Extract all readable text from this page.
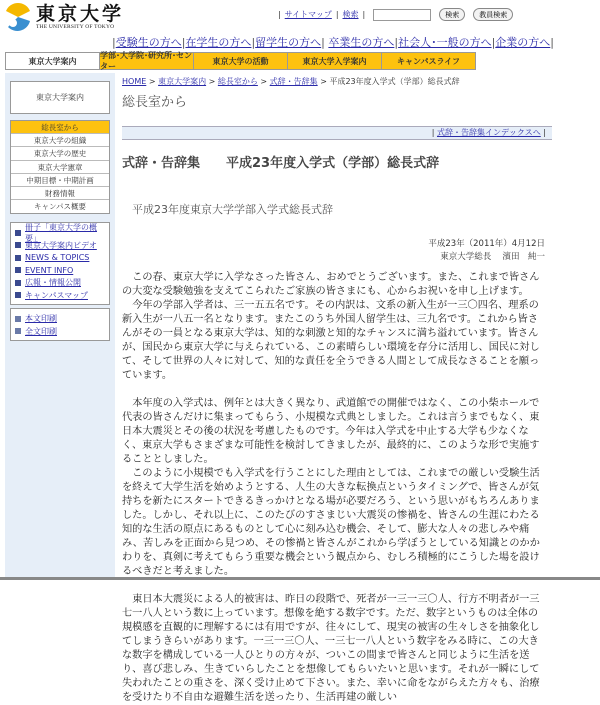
東京大学
THE UNIVERSITY OF TOKYO
| サイトマップ | 検索 |	検索	教員検索
|受験生の方へ|在学生の方へ|留学生の方へ| 卒業生の方へ|社会人･一般の方へ|企業の方へ|
東京大学案内
学部･大学院･研究所･センター
東京大学の活動	東京大学入学案内	キャンパスライフ
東京大学案内
総長室から
東京大学の組織
東京大学の歴史
東京大学憲章
中期目標・中期計画
財務情報
キャンパス概要
冊子「東京大学の概要」
東京大学案内ビデオ
NEWS & TOPICS
EVENT INFO
広報・情報公開
キャンパスマップ
本文印刷
全文印刷
HOME > 東京大学案内 > 総長室から > 式辞・告辞集 > 平成23年度入学式（学部）総長式辞
総長室から
| 式辞・告辞集インデックスへ |
式辞・告辞集　　平成23年度入学式（学部）総長式辞
平成23年度東京大学学部入学式総長式辞
平成23年（2011年）4月12日
東京大学総長　 濱田　純一

この春、東京大学に入学なさった皆さん、おめでとうございます。また、これまで皆さんの大変な受験勉強を支えてこられたご家族の皆さまにも、心からお祝いを申し上げます。

今年の学部入学者は、三一五五名です。その内訳は、文系の新入生が一三〇四名、理系の新入生が一八五一名となります。またこのうち外国人留学生は、三九名です。これから皆さんがその一員となる東京大学は、知的な刺激と知的なチャンスに満ち溢れています。皆さんが、国民から東京大学に与えられている、この素晴らしい環境を存分に活用し、国民に対して、そして世界の人々に対して、知的な責任を全うできる人間として成長なさることを願っています。

本年度の入学式は、例年とは大きく異なり、武道館での開催ではなく、この小柴ホールで代表の皆さんだけに集まってもらう、小規模な式典としました。これは言うまでもなく、東日本大震災とその後の状況を考慮したものです。今年は入学式を中止する大学も少なくなく、東京大学もさまざまな可能性を検討してきましたが、最終的に、このような形で実施することとしました。

このように小規模でも入学式を行うことにした理由としては、これまでの厳しい受験生活を終えて大学生活を始めようとする、人生の大きな転換点というタイミングで、皆さんが気持ちを新たにスタートできるきっかけとなる場が必要だろう、という思いがもちろんありました。しかし、それ以上に、このたびのすさまじい大震災の惨禍を、皆さんの生涯にわたる知的な生活の原点にあるものとして心に刻み込む機会、そして、膨大な人々の悲しみや痛み、苦しみを正面から見つめ、その惨禍と皆さんがこれから学ぼうとしている知識とのかかわりを、真剣に考えてもらう重要な機会という観点から、むしろ積極的にこうした場を設けるべきだと考えました。

東日本大震災による人的被害は、昨日の段階で、死者が一三一三〇人、行方不明者が一三七一八人という数に上っています。想像を絶する数字です。ただ、数字というものは全体の規模感を直観的に理解するには有用ですが、往々にして、現実の被害の生々しさを抽象化してしまうきらいがあります。一三一三〇人、一三七一八人という数字をみる時に、この大きな数字を構成している一人ひとりの方々が、ついこの間まで皆さんと同じように生活を送り、喜び悲しみ、生きていらしたことを想像してもらいたいと思います。それが一瞬にして失われたことの重さを、深く受け止めて下さい。また、幸いに命をながらえた方々も、治療を受けたり不自由な避難生活を送ったり、生活再建の厳しい
